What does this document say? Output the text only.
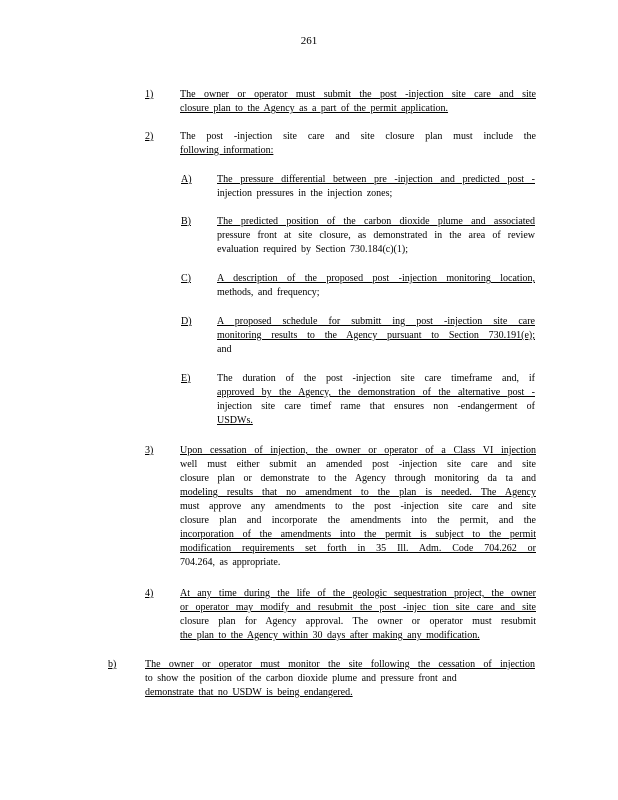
261
1)	The owner or operator must submit the post -injection site care and site
closure plan to the Agency as a part of the permit application.
2)	The post -injection site care and site closure plan must include the
following information:
A)	The pressure differential between pre -injection and predicted post -
injection pressures in the injection zones;
B)	The predicted position of the carbon dioxide plume and associated
pressure front at site closure, as demonstrated in the area of review
evaluation required by Section 730.184(c)(1);
C)	A description of the proposed post -injection monitoring location,
methods, and frequency;
D)	A proposed schedule for submitt ing post -injection site care
monitoring results to the Agency pursuant to Section 730.191(e);
and
E)	The duration of the post -injection site care timeframe and, if
approved by the Agency, the demonstration of the alternative post -
injection site care timef rame that ensures non -endangerment of
USDWs.
3)	Upon cessation of injection, the owner or operator of a Class VI injection
well must either submit an amended post -injection site care and site
closure plan or demonstrate to the Agency through monitoring da ta and
modeling results that no amendment to the plan is needed. The Agency
must approve any amendments to the post -injection site care and site
closure plan and incorporate the amendments into the permit, and the
incorporation of the amendments into the permit is subject to the permit
modification requirements set forth in 35 Ill. Adm. Code 704.262 or
704.264, as appropriate.
4)	At any time during the life of the geologic sequestration project, the owner
or operator may modify and resubmit the post -injec tion site care and site
closure plan for Agency approval. The owner or operator must resubmit
the plan to the Agency within 30 days after making any modification.
b)	The owner or operator must monitor the site following the cessation of injection
to show the position of the carbon dioxide plume and pressure front and
demonstrate that no USDW is being endangered.
